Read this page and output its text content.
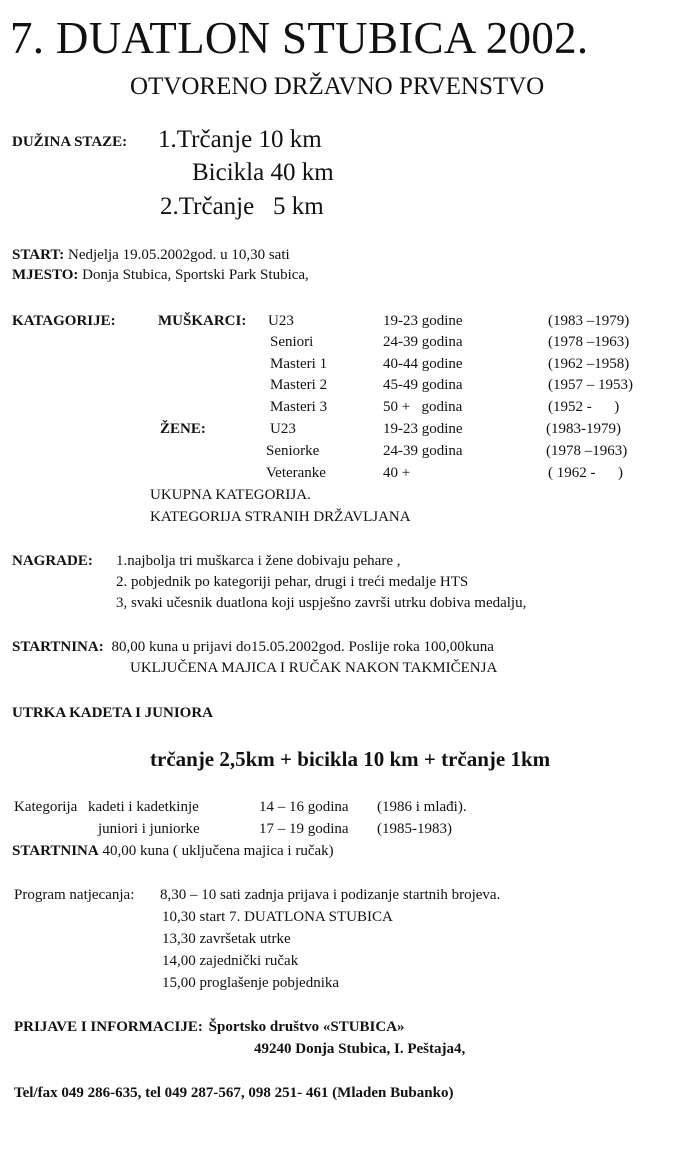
7. DUATLON STUBICA 2002.
OTVORENO DRŽAVNO PRVENSTVO
DUŽINA STAZE: 1.Trčanje 10 km
Bicikla 40 km
2.Trčanje   5 km
START: Nedjelja 19.05.2002god. u 10,30 sati
MJESTO: Donja Stubica, Sportski Park Stubica,
KATAGORIJE:	MUŠKARCI: U23	19-23 godine	(1983 –1979)
Seniori	24-39 godina	(1978 –1963)
Masteri 1	40-44 godine	(1962 –1958)
Masteri 2	45-49 godina	(1957 – 1953)
Masteri 3	50 +   godina	(1952 -      )
ŽENE:	U23	19-23 godine	(1983-1979)
Seniorke	24-39 godina	(1978 –1963)
Veteranke	40 +	( 1962 -      )
UKUPNA KATEGORIJA.
KATEGORIJA STRANIH DRŽAVLJANA
NAGRADE: 1.najbolja tri muškarca i žene dobivaju pehare ,
2. pobjednik po kategoriji pehar, drugi i treći medalje HTS
3, svaki učesnik duatlona koji uspješno završi utrku dobiva medalju,
STARTNINA: 80,00 kuna u prijavi do15.05.2002god. Poslije roka 100,00kuna
UKLJUČENA MAJICA I RUČAK NAKON TAKMIČENJA
UTRKA KADETA I JUNIORA
trčanje 2,5km + bicikla 10 km + trčanje 1km
Kategorija kadeti i kadetkinje	14 – 16 godina (1986 i mlađi).
juniori i juniorke	17 – 19 godina (1985-1983)
STARTNINA 40,00 kuna ( uključena majica i ručak)
Program natjecanja: 8,30 – 10 sati zadnja prijava i podizanje startnih brojeva.
10,30 start 7. DUATLONA STUBICA
13,30 završetak utrke
14,00 zajednički ručak
15,00 proglašenje pobjednika
PRIJAVE I INFORMACIJE: Športsko društvo «STUBICA»
49240 Donja Stubica, I. Peštaja4,
Tel/fax 049 286-635, tel 049 287-567, 098 251- 461 (Mladen Bubanko)
